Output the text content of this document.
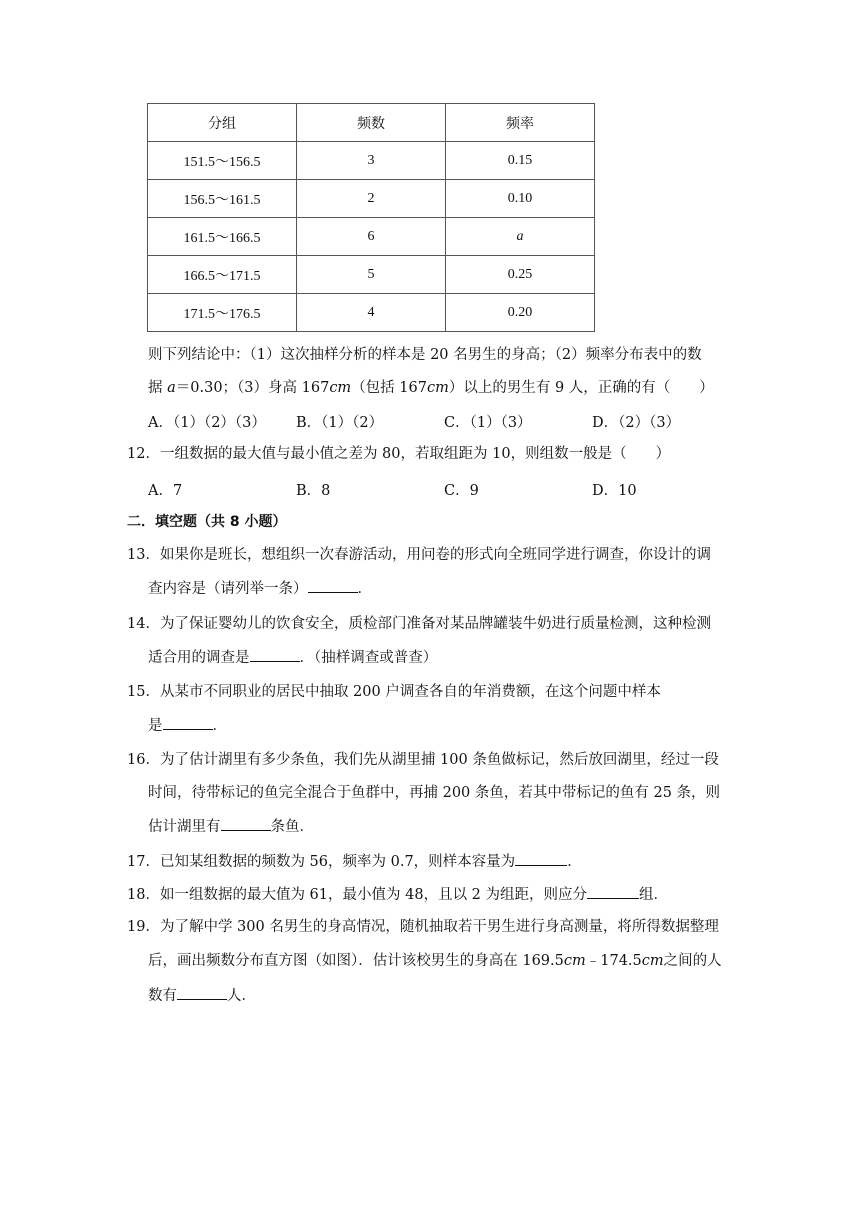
分组	频数	频率
151.5～156.5	3	0.15
156.5～161.5	2	0.10
161.5～166.5	6	a
166.5～171.5	5	0.25
171.5～176.5	4	0.20
则下列结论中：（1）这次抽样分析的样本是 20 名男生的身高；（2）频率分布表中的数
据 a＝0.30；（3）身高 167cm（包括 167cm）以上的男生有 9 人，正确的有（　　）
A．（1）（2）（3） B．（1）（2）	C．（1）（3）	D．（2）（3）
12．一组数据的最大值与最小值之差为 80，若取组距为 10，则组数一般是（　　）
A．7	B．8	C．9	D．10
二．填空题（共 8 小题）
13．如果你是班长，想组织一次春游活动，用问卷的形式向全班同学进行调查，你设计的调
查内容是（请列举一条）	．
14．为了保证婴幼儿的饮食安全，质检部门准备对某品牌罐装牛奶进行质量检测，这种检测
适合用的调查是	．（抽样调查或普查）
15．从某市不同职业的居民中抽取 200 户调查各自的年消费额，在这个问题中样本
是	．
16．为了估计湖里有多少条鱼，我们先从湖里捕 100 条鱼做标记，然后放回湖里，经过一段
时间，待带标记的鱼完全混合于鱼群中，再捕 200 条鱼，若其中带标记的鱼有 25 条，则
估计湖里有	条鱼．
17．已知某组数据的频数为 56，频率为 0.7，则样本容量为	．
18．如一组数据的最大值为 61，最小值为 48，且以 2 为组距，则应分	组．
19．为了解中学 300 名男生的身高情况，随机抽取若干男生进行身高测量，将所得数据整理
后，画出频数分布直方图（如图）．估计该校男生的身高在 169.5cm﹣174.5cm之间的人
数有	人．
